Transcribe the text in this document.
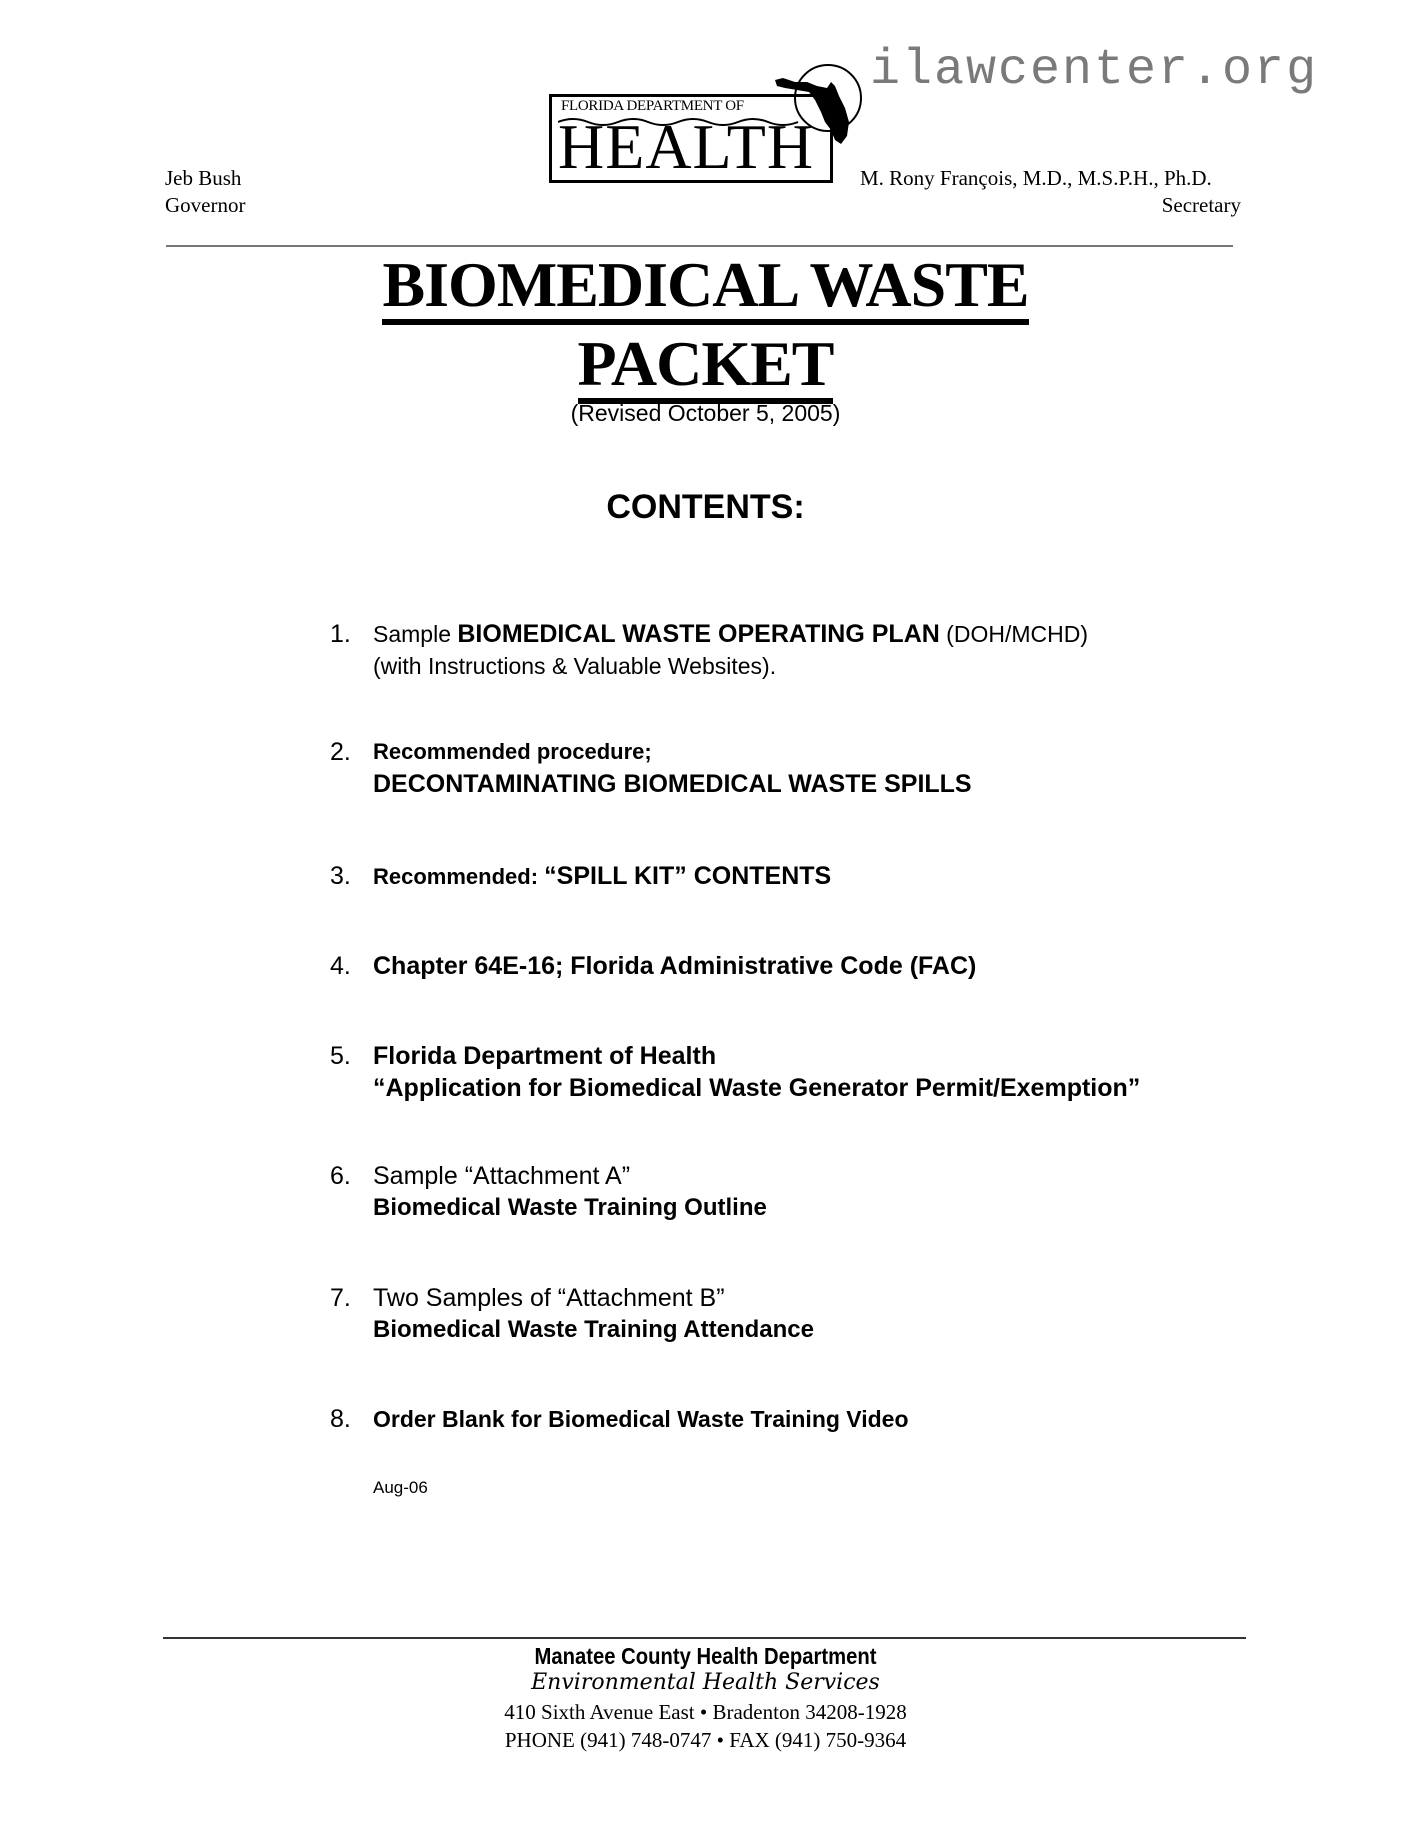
ilawcenter.org
Jeb Bush
Governor
M. Rony François, M.D., M.S.P.H., Ph.D.
Secretary
FLORIDA DEPARTMENT OF
HEALTH
BIOMEDICAL WASTE
PACKET
(Revised October 5, 2005)
CONTENTS:
1. Sample BIOMEDICAL WASTE OPERATING PLAN (DOH/MCHD)
(with Instructions & Valuable Websites).
2.	Recommended procedure;
DECONTAMINATING BIOMEDICAL WASTE SPILLS
3.	Recommended: “SPILL KIT” CONTENTS
4. Chapter 64E-16; Florida Administrative Code (FAC)
5. Florida Department of Health
“Application for Biomedical Waste Generator Permit/Exemption”
6. Sample “Attachment A”
Biomedical Waste Training Outline
7. Two Samples of “Attachment B”
Biomedical Waste Training Attendance
8. Order Blank for Biomedical Waste Training Video
Aug-06
Manatee County Health Department
Environmental Health Services
410 Sixth Avenue East • Bradenton 34208-1928
PHONE (941) 748-0747 • FAX (941) 750-9364
